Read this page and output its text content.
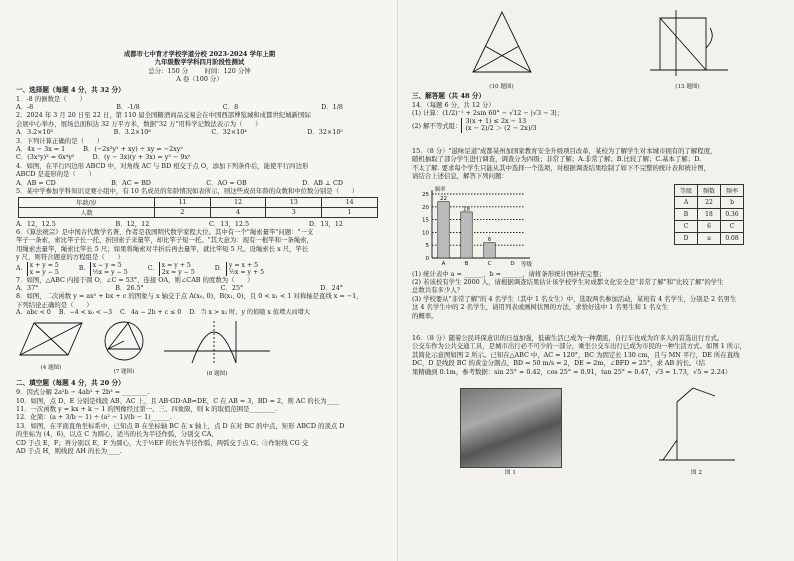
成都市七中育才学校学道分校 2023-2024 学年上期
九年级数学学科四月阶段性测试
总分：150 分	时间：120 分钟
A 卷（100 分）
一、选择题（每题 4 分，共 32 分）
1．-8 的倒数是（　　）
A．-8	B．-1/8	C．8	D．1/8
2．2024 年 3 月 20 日至 22 日，第 110 届全国糖酒商品交易会在中国西部博览城和成都世纪城新国际
会展中心举办，展场总面积达 32 万平方米，数据"32 万"用科学记数法表示为（　　）
A．3.2×10⁵	B．3.2×10⁶	C．32×10⁴	D．32×10⁵
3．下列计算正确的是（　　）
A．4x − 3x = 1	B．(−2x²y² + xy) ÷ xy = −2xy²
C．(3x²y)² = 6x⁴y²	D．(y − 3x)(y + 3x) = y² − 9x²
4．如图，在平行四边形 ABCD 中，对角线 AC 与 BD 相交于点 O，添加下列条件后，能使平行四边形
ABCD 是菱形的是（　　）
A．AB = CD	B．AC = BD	C．AO = OB	D．AB ⊥ CD
5．某中学参加学科知识竞赛小组中，有 10 名成员的年龄情况如表所示，则这些成员年龄的众数和中位数分别是（　　）
年龄/岁	11	12	13	14
人数	2	4	3	1
A．12，12.5	B．12，12	C．13，12.5	D．13，12
6．《算法统宗》是中国古代数学名著，作者是我国明代数学家程大位。其中有一个"绳索量竿"问题："一支
竿子一条索，索比竿子长一托，折回索子来量竿，却比竿子短一托。"其大意为：现有一根竿和一条绳索，
用绳索去量竿，绳索比竿长 5 尺；如果将绳索对半折后再去量竿，就比竿短 5 尺。设绳索长 x 尺，竿长
y 尺，则符合题意的方程组是（　　）
A． x + y = 5
x = y − 5	B． x − y = 5
½x = y − 5	C． x = y + 5
2x = y − 5	D． y = x + 5
½x = y + 5
7．如图，△ABC 内接于圆 O，∠C = 53°，连接 OA，则∠CAB 的度数为（　　）
A．37°	B．26.5°	C．25°	D．24°
8．如图，二次函数 y = ax² + bx + c 的图象与 x 轴交于点 A(x₀, 0)，B(x₁, 0)，且 0 < x₁ < 1 对称轴是直线 x = −1，
下列结论正确的是（　　）
A．abc < 0 B．−4 < x₀ < −3 C．4a − 2b + c ≤ 0 D．当 x > x₂ 时，y 的值随 x 值增大而增大
(4 题图)
(7 题图)	(8 题图)
二、填空题（每题 4 分，共 20 分）
9．因式分解 2a²b − 4ab² + 2b³ = ________.
10．如图，点 D、E 分别是线段 AB、AC 上，且 AB·GD·AB=DE，C 在 AB = 3，BD = 2，则 AC 的长为____
11．一次函数 y = kx + k − 1 的图像经过第一、三、四象限，则 k 的取值范围是________.
12．化简：(a + 3/b − 1) ÷ (a² − 1)/(b − 1)______.
13．如图，在平面直角坐标系中，已知点 B 在坐标轴 BC 在 x 轴上，点 D 在对 BC 的中点，矩形 ABCD 的顶点 D
的坐标为 (4，6)，以点 C 为圆心，适当的长为半径作弧，分别交 CA、
CD 于点 E，F；再分别以 E，F 为圆心，大于½EF 的长为半径作弧，两弧交于点 G；③作射线 CG 交
AD 于点 H，则线段 AH 的长为____.
(10 题图)	(13 题图)
三、解答题（共 48 分）
14．（每题 6 分，共 12 分）
(1) 计算：(1/2)⁻¹ + 2sin 60° − √12 − |√3 − 3|；
(2) 解不等式组：
3(x + 1) ≤ 2x − 13
(x − 2)/2 ＞ (2 − 2x)/3
15．（8 分）"滋味足道"成都某州加国家教育安全升级项目改革，某校为了解学生对本城市拥有的了解程度，
随机抽取了部分学生进行调查，调查分为四级；非常了解；A.非常了解；B.比较了解；C.基本了解；D.
不太了解. 要求每个学生只能从其中选择一个选项，对根据调查结果绘制了如下不完整的统计表和统计图，
请结合上述信息，解答下列问题：
0
5
10
15
20
25
频率
等级
A
22
B
18
C
6
D
等级	频数	频率
A	22	b
B	18	0.36
C	6	C
D	a	0.08
(1) 统计表中 a = ______，b = ______，请将条形统计图补充完整；
(2) 若该校有学生 2000 人，请根据调查结果估计该学校学生对成都文化安全是"非常了解"和"比较了解"的学生
总数共有多少人？
(3) 学校要从"非常了解"的 4 名学生（其中 1 名女生）中，选取两名参加活动，某班有 4 名学生，分别是 2 名男生
这 4 名学生中的 2 名学生，请用列表或画树状图的方法，求恰好选中 1 名男生和 1 名女生
的概率。
16．（8 分）随着公民环保意识的日益加强，低碳生活已成为一种潮流，自行车也成为许多人的首选出行方式。
公交车作为公共交通工具，是城市出行必不可少的一部分，乘坐公交车出行已成为市民的一种生活方式。如图 1 所示，
其简化示意图如图 2 所示。已知在△ABC 中，AC = 120°，BC 为固定长 130 cm，且与 MN 平行，DE 所在直线
DC，D 是线段 BC 的黄金分割点，BD = 50 m/s = 2，DE = 2m，∠BFD = 25°，求 AB 的长。（结
果精确到 0.1m，参考数据：sin 25° ≈ 0.42，cos 25° ≈ 0.91，tan 25° ≈ 0.47，√3 ≈ 1.73，√5 ≈ 2.24）
图 1	图 2
